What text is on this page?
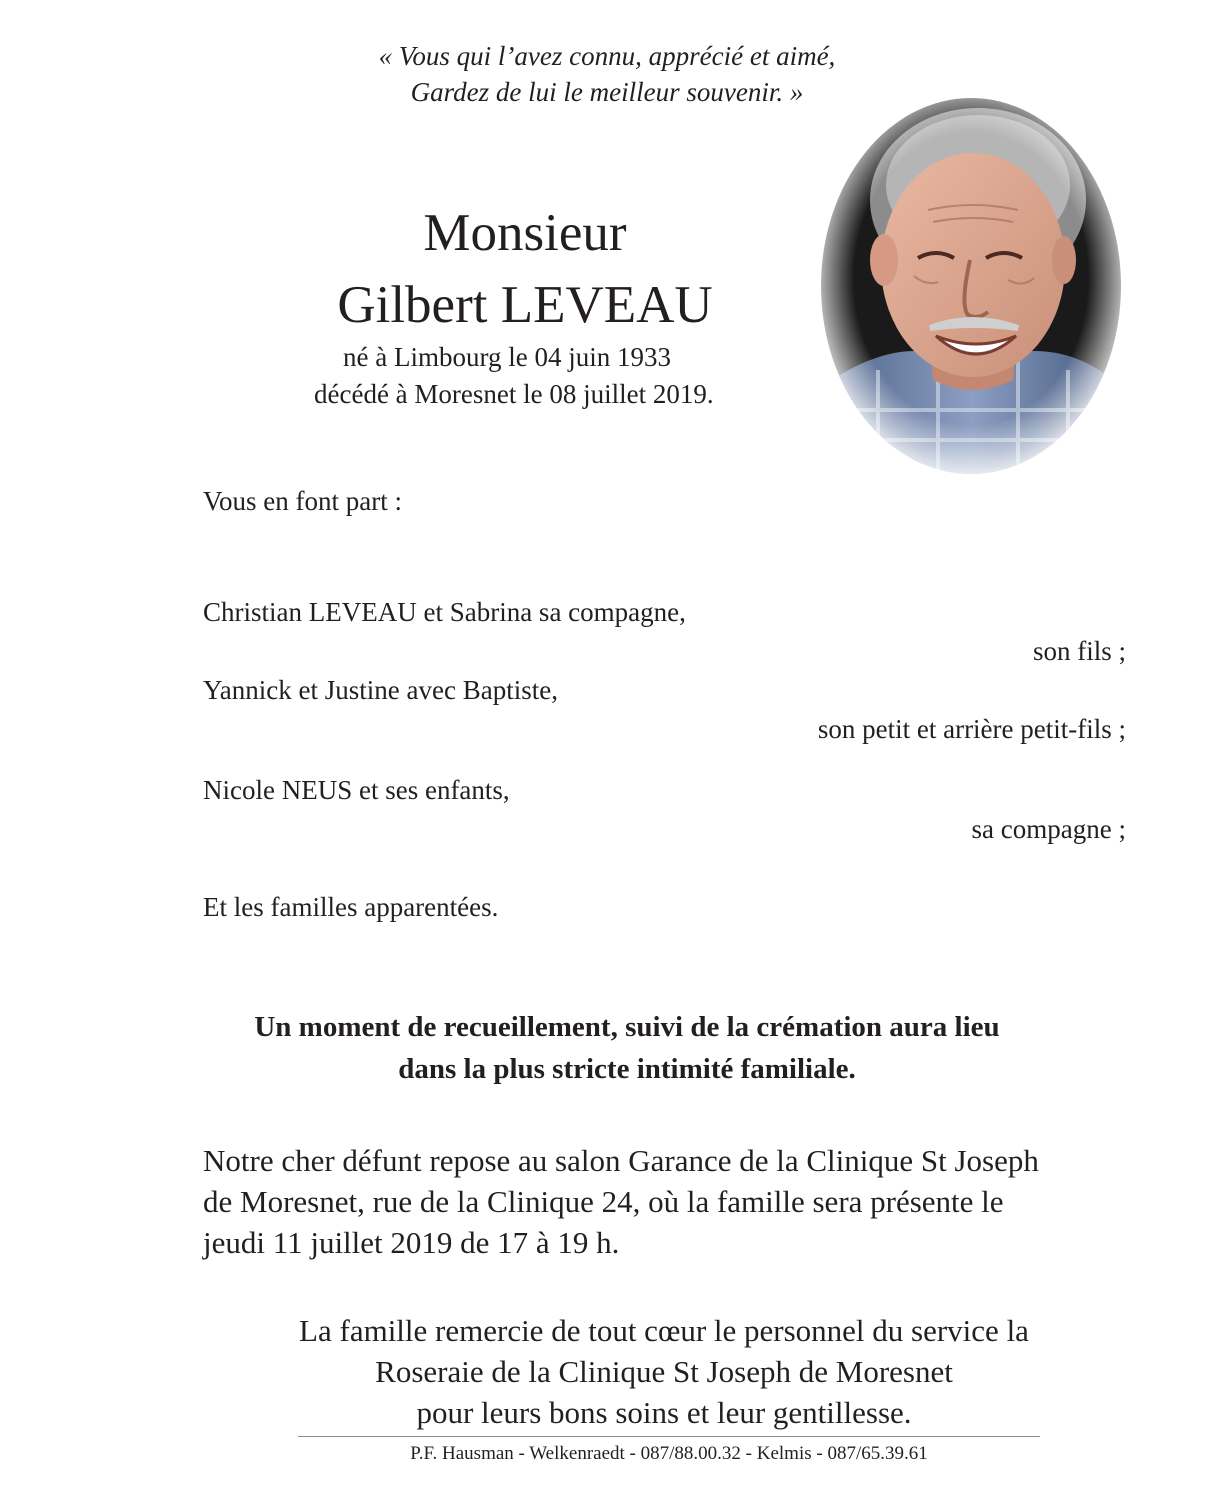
« Vous qui l’avez connu, apprécié et aimé,
Gardez de lui le meilleur souvenir. »
Monsieur
Gilbert LEVEAU
né à Limbourg le 04 juin 1933
décédé à Moresnet le 08 juillet 2019.
Vous en font part :
Christian LEVEAU et Sabrina sa compagne,
son fils ;
Yannick et Justine avec Baptiste,
son petit et arrière petit-fils ;
Nicole NEUS et ses enfants,
sa compagne ;
Et les familles apparentées.
Un moment de recueillement, suivi de la crémation aura lieu
dans la plus stricte intimité familiale.
Notre cher défunt repose au salon Garance de la Clinique St Joseph
de Moresnet, rue de la Clinique 24, où la famille sera présente le
jeudi 11 juillet 2019 de 17 à 19 h.
La famille remercie de tout cœur le personnel du service la
Roseraie de la Clinique St Joseph de Moresnet
pour leurs bons soins et leur gentillesse.
P.F. Hausman - Welkenraedt - 087/88.00.32 - Kelmis - 087/65.39.61
